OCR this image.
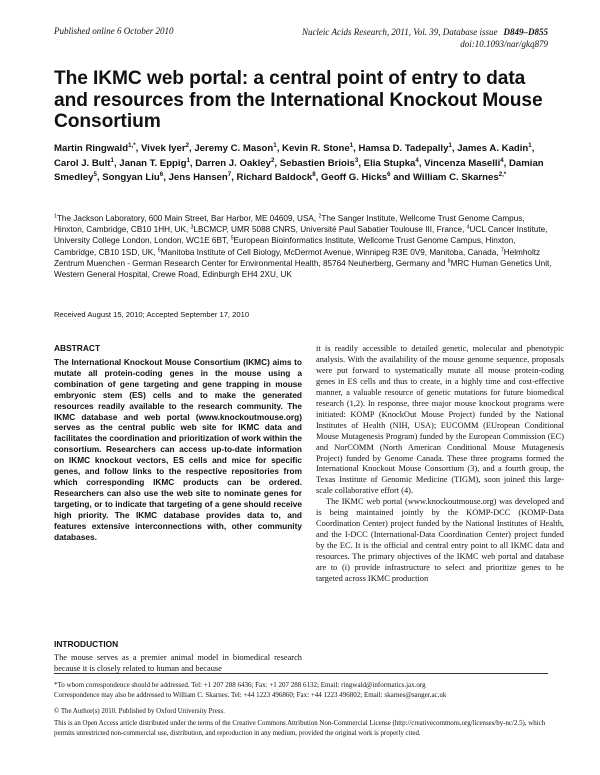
Published online 6 October 2010	Nucleic Acids Research, 2011, Vol. 39, Database issue D849–D855
doi:10.1093/nar/gkq879
The IKMC web portal: a central point of entry to data and resources from the International Knockout Mouse Consortium
Martin Ringwald$^{1,*}$, Vivek Iyer$^2$, Jeremy C. Mason$^1$, Kevin R. Stone$^1$, Hamsa D. Tadepally$^1$, James A. Kadin$^1$, Carol J. Bult$^1$, Janan T. Eppig$^1$, Darren J. Oakley$^2$, Sebastien Briois$^3$, Elia Stupka$^4$, Vincenza Maselli$^4$, Damian Smedley$^5$, Songyan Liu$^6$, Jens Hansen$^7$, Richard Baldock$^8$, Geoff G. Hicks$^6$ and William C. Skarnes$^{2,*}$
$^1$The Jackson Laboratory, 600 Main Street, Bar Harbor, ME 04609, USA, $^2$The Sanger Institute, Wellcome Trust Genome Campus, Hinxton, Cambridge, CB10 1HH, UK, $^3$LBCMCP, UMR 5088 CNRS, Université Paul Sabatier Toulouse III, France, $^4$UCL Cancer Institute, University College London, London, WC1E 6BT, $^5$European Bioinformatics Institute, Wellcome Trust Genome Campus, Hinxton, Cambridge, CB10 1SD, UK, $^6$Manitoba Institute of Cell Biology, McDermot Avenue, Winnipeg R3E 0V9, Manitoba, Canada, $^7$Helmholtz Zentrum Muenchen - German Research Center for Environmental Health, 85764 Neuherberg, Germany and $^8$MRC Human Genetics Unit, Western General Hospital, Crewe Road, Edinburgh EH4 2XU, UK
Received August 15, 2010; Accepted September 17, 2010
ABSTRACT
The International Knockout Mouse Consortium (IKMC) aims to mutate all protein-coding genes in the mouse using a combination of gene targeting and gene trapping in mouse embryonic stem (ES) cells and to make the generated resources readily available to the research community. The IKMC database and web portal (www.knockoutmouse.org) serves as the central public web site for IKMC data and facilitates the coordination and prioritization of work within the consortium. Researchers can access up-to-date information on IKMC knockout vectors, ES cells and mice for specific genes, and follow links to the respective repositories from which corresponding IKMC products can be ordered. Researchers can also use the web site to nominate genes for targeting, or to indicate that targeting of a gene should receive high priority. The IKMC database provides data to, and features extensive interconnections with, other community databases.
INTRODUCTION
The mouse serves as a premier animal model in biomedical research because it is closely related to human and because

it is readily accessible to detailed genetic, molecular and phenotypic analysis. With the availability of the mouse genome sequence, proposals were put forward to systematically mutate all mouse protein-coding genes in ES cells and thus to create, in a highly time and cost-effective manner, a valuable resource of genetic mutations for future biomedical research (1,2). In response, three major mouse knockout programs were initiated: KOMP (KnockOut Mouse Project) funded by the National Institutes of Health (NIH, USA); EUCOMM (EUropean Conditional Mouse Mutagenesis Program) funded by the European Commission (EC) and NorCOMM (North American Conditional Mouse Mutagenesis Project) funded by Genome Canada. These three programs formed the International Knockout Mouse Consortium (3), and a fourth group, the Texas Institute of Genomic Medicine (TIGM), soon joined this large-scale collaborative effort (4).

The IKMC web portal (www.knockoutmouse.org) was developed and is being maintained jointly by the KOMP-DCC (KOMP-Data Coordination Center) project funded by the National Institutes of Health, and the I-DCC (International-Data Coordination Center) project funded by the EC. It is the official and central entry point to all IKMC data and resources. The primary objectives of the IKMC web portal and database are to (i) provide infrastructure to select and prioritize genes to be targeted across IKMC production

*To whom correspondence should be addressed. Tel: +1 207 288 6436; Fax: +1 207 288 6132; Email: ringwald@informatics.jax.org

Correspondence may also be addressed to William C. Skarnes. Tel: +44 1223 496860; Fax: +44 1223 496802; Email: skarnes@sanger.ac.uk

© The Author(s) 2010. Published by Oxford University Press.

This is an Open Access article distributed under the terms of the Creative Commons Attribution Non-Commercial License (http://creativecommons.org/licenses/by-nc/2.5), which permits unrestricted non-commercial use, distribution, and reproduction in any medium, provided the original work is properly cited.
